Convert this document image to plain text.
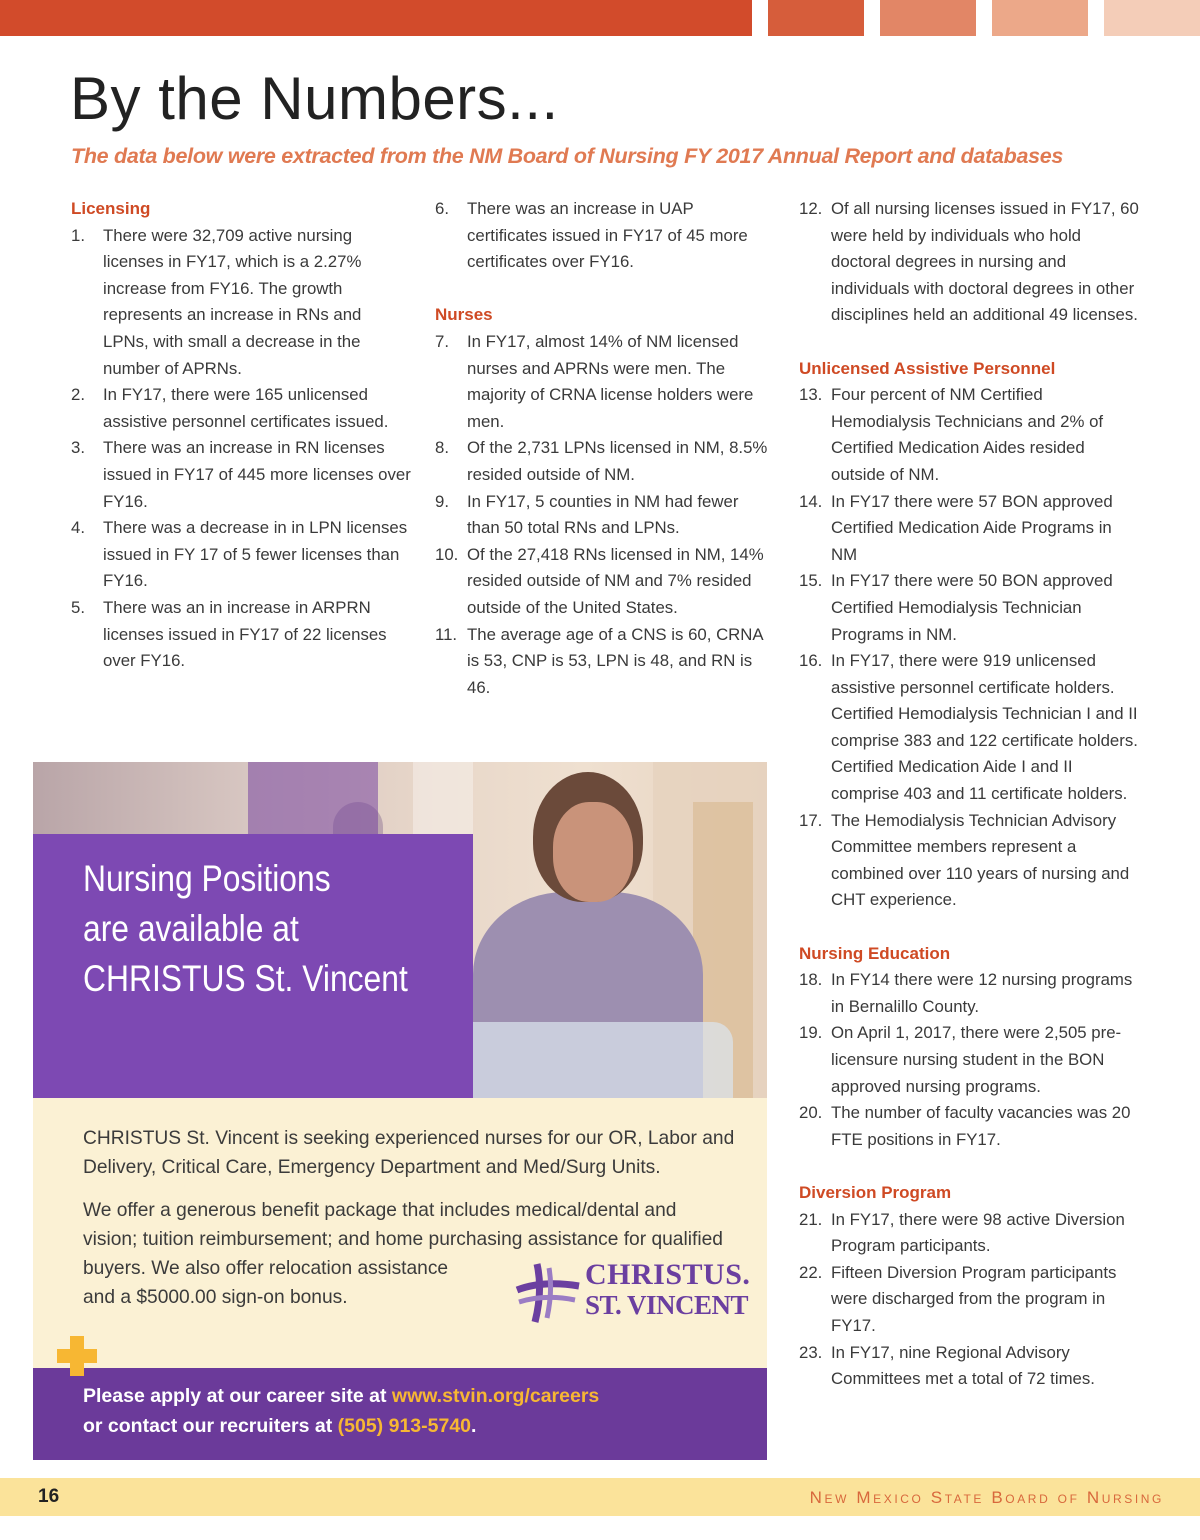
By the Numbers...
The data below were extracted from the NM Board of Nursing FY 2017 Annual Report and databases
Licensing
1.	There were 32,709 active nursing licenses in FY17, which is a 2.27% increase from FY16. The growth represents an increase in RNs and LPNs, with small a decrease in the number of APRNs.
2.	In FY17, there were 165 unlicensed assistive personnel certificates issued.
3.	There was an increase in RN licenses issued in FY17 of 445 more licenses over FY16.
4.	There was a decrease in in LPN licenses issued in FY 17 of 5 fewer licenses than FY16.
5.	There was an in increase in ARPRN licenses issued in FY17 of 22 licenses over FY16.
6.	There was an increase in UAP certificates issued in FY17 of 45 more certificates over FY16.
Nurses
7.	In FY17, almost 14% of NM licensed nurses and APRNs were men. The majority of CRNA license holders were men.
8.	Of the 2,731 LPNs licensed in NM, 8.5% resided outside of NM.
9.	In FY17, 5 counties in NM had fewer than 50 total RNs and LPNs.
10. Of the 27,418 RNs licensed in NM, 14% resided outside of NM and 7% resided outside of the United States.
11. The average age of a CNS is 60, CRNA is 53, CNP is 53, LPN is 48, and RN is 46.
12. Of all nursing licenses issued in FY17, 60 were held by individuals who hold doctoral degrees in nursing and individuals with doctoral degrees in other disciplines held an additional 49 licenses.
Unlicensed Assistive Personnel
13. Four percent of NM Certified Hemodialysis Technicians and 2% of Certified Medication Aides resided outside of NM.
14. In FY17 there were 57 BON approved Certified Medication Aide Programs in NM
15. In FY17 there were 50 BON approved Certified Hemodialysis Technician Programs in NM.
16. In FY17, there were 919 unlicensed assistive personnel certificate holders. Certified Hemodialysis Technician I and II comprise 383 and 122 certificate holders. Certified Medication Aide I and II comprise 403 and 11 certificate holders.
17. The Hemodialysis Technician Advisory Committee members represent a combined over 110 years of nursing and CHT experience.
Nursing Education
18. In FY14 there were 12 nursing programs in Bernalillo County.
19. On April 1, 2017, there were 2,505 pre-licensure nursing student in the BON approved nursing programs.
20. The number of faculty vacancies was 20 FTE positions in FY17.
Diversion Program
21. In FY17, there were 98 active Diversion Program participants.
22. Fifteen Diversion Program participants were discharged from the program in FY17.
23. In FY17, nine Regional Advisory Committees met a total of 72 times.
Nursing Positions
are available at
CHRISTUS St. Vincent

CHRISTUS St. Vincent is seeking experienced nurses for our OR, Labor and Delivery, Critical Care, Emergency Department and Med/Surg Units.

We offer a generous benefit package that includes medical/dental and
vision; tuition reimbursement; and home purchasing assistance for qualified
buyers. We also offer relocation assistance
and a $5000.00 sign-on bonus.

CHRISTUS.
ST. VINCENT
Please apply at our career site at www.stvin.org/careers
or contact our recruiters at (505) 913-5740.
16	New Mexico State Board of Nursing
